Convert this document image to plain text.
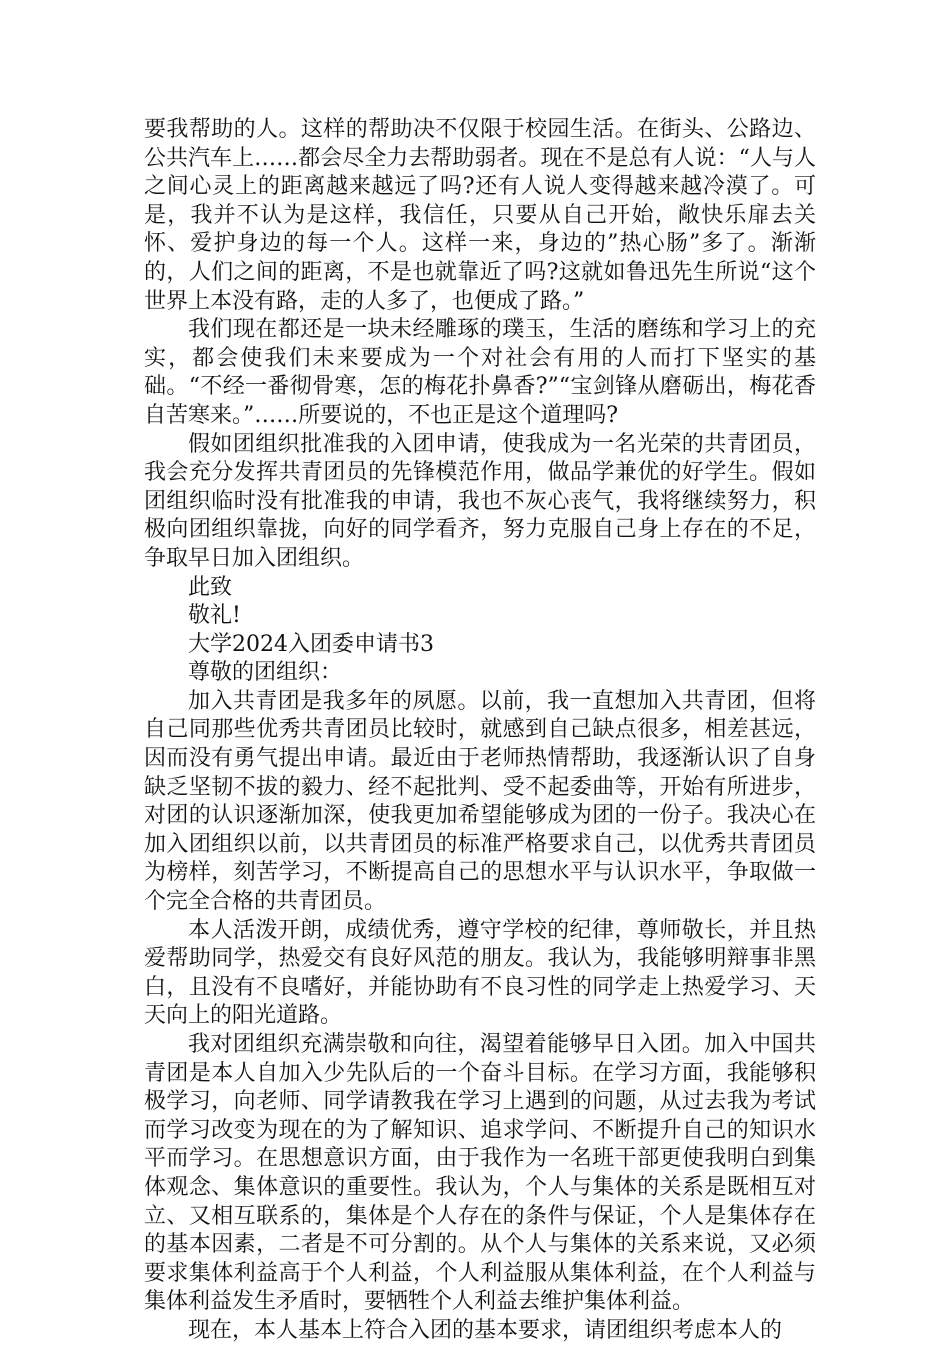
要我帮助的人。这样的帮助决不仅限于校园生活。在街头、公路边、公共汽车上……都会尽全力去帮助弱者。现在不是总有人说：“人与人之间心灵上的距离越来越远了吗?还有人说人变得越来越冷漠了。可是，我并不认为是这样，我信任，只要从自己开始，敞快乐扉去关怀、爱护身边的每一个人。这样一来，身边的”热心肠”多了。渐渐的，人们之间的距离，不是也就靠近了吗?这就如鲁迅先生所说“这个世界上本没有路，走的人多了，也便成了路。”

我们现在都还是一块未经雕琢的璞玉，生活的磨练和学习上的充实，都会使我们未来要成为一个对社会有用的人而打下坚实的基础。“不经一番彻骨寒，怎的梅花扑鼻香?”“宝剑锋从磨砺出，梅花香自苦寒来。”……所要说的，不也正是这个道理吗?

假如团组织批准我的入团申请，使我成为一名光荣的共青团员，我会充分发挥共青团员的先锋模范作用，做品学兼优的好学生。假如团组织临时没有批准我的申请，我也不灰心丧气，我将继续努力，积极向团组织靠拢，向好的同学看齐，努力克服自己身上存在的不足，争取早日加入团组织。

此致

敬礼!

大学2024入团委申请书3

尊敬的团组织：

加入共青团是我多年的夙愿。以前，我一直想加入共青团，但将自己同那些优秀共青团员比较时，就感到自己缺点很多，相差甚远，因而没有勇气提出申请。最近由于老师热情帮助，我逐渐认识了自身缺乏坚韧不拔的毅力、经不起批判、受不起委曲等，开始有所进步，对团的认识逐渐加深，使我更加希望能够成为团的一份子。我决心在加入团组织以前，以共青团员的标准严格要求自己，以优秀共青团员为榜样，刻苦学习，不断提高自己的思想水平与认识水平，争取做一个完全合格的共青团员。

本人活泼开朗，成绩优秀，遵守学校的纪律，尊师敬长，并且热爱帮助同学，热爱交有良好风范的朋友。我认为，我能够明辩事非黑白，且没有不良嗜好，并能协助有不良习性的同学走上热爱学习、天天向上的阳光道路。

我对团组织充满崇敬和向往，渴望着能够早日入团。加入中国共青团是本人自加入少先队后的一个奋斗目标。在学习方面，我能够积极学习，向老师、同学请教我在学习上遇到的问题，从过去我为考试而学习改变为现在的为了解知识、追求学问、不断提升自己的知识水平而学习。在思想意识方面，由于我作为一名班干部更使我明白到集体观念、集体意识的重要性。我认为，个人与集体的关系是既相互对立、又相互联系的，集体是个人存在的条件与保证，个人是集体存在的基本因素，二者是不可分割的。从个人与集体的关系来说，又必须要求集体利益高于个人利益，个人利益服从集体利益，在个人利益与集体利益发生矛盾时，要牺牲个人利益去维护集体利益。

现在，本人基本上符合入团的基本要求，请团组织考虑本人的
